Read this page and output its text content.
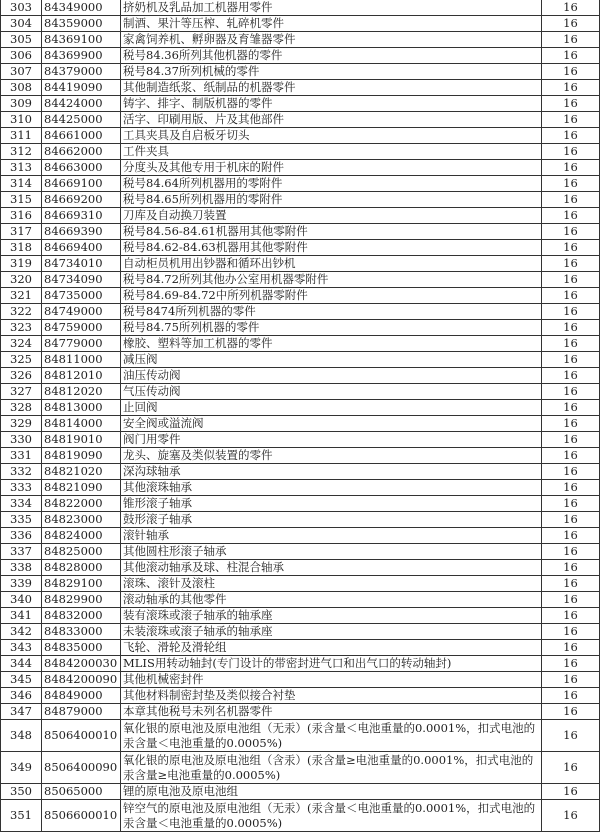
303	84349000	挤奶机及乳品加工机器用零件	16
304	84359000	制酒、果汁等压榨、轧碎机零件	16
305	84369100	家禽饲养机、孵卵器及育雏器零件	16
306	84369900	税号84.36所列其他机器的零件	16
307	84379000	税号84.37所列机械的零件	16
308	84419090	其他制造纸浆、纸制品的机器零件	16
309	84424000	铸字、排字、制版机器的零件	16
310	84425000	活字、印刷用版、片及其他部件	16
311	84661000	工具夹具及自启板牙切头	16
312	84662000	工件夹具	16
313	84663000	分度头及其他专用于机床的附件	16
314	84669100	税号84.64所列机器用的零附件	16
315	84669200	税号84.65所列机器用的零附件	16
316	84669310	刀库及自动换刀装置	16
317	84669390	税号84.56-84.61机器用其他零附件	16
318	84669400	税号84.62-84.63机器用其他零附件	16
319	84734010	自动柜员机用出钞器和循环出钞机	16
320	84734090	税号84.72所列其他办公室用机器零附件	16
321	84735000	税号84.69-84.72中所列机器零附件	16
322	84749000	税号8474所列机器的零件	16
323	84759000	税号84.75所列机器的零件	16
324	84779000	橡胶、塑料等加工机器的零件	16
325	84811000	减压阀	16
326	84812010	油压传动阀	16
327	84812020	气压传动阀	16
328	84813000	止回阀	16
329	84814000	安全阀或溢流阀	16
330	84819010	阀门用零件	16
331	84819090	龙头、旋塞及类似装置的零件	16
332	84821020	深沟球轴承	16
333	84821090	其他滚珠轴承	16
334	84822000	锥形滚子轴承	16
335	84823000	鼓形滚子轴承	16
336	84824000	滚针轴承	16
337	84825000	其他圆柱形滚子轴承	16
338	84828000	其他滚动轴承及球、柱混合轴承	16
339	84829100	滚珠、滚针及滚柱	16
340	84829900	滚动轴承的其他零件	16
341	84832000	装有滚珠或滚子轴承的轴承座	16
342	84833000	未装滚珠或滚子轴承的轴承座	16
343	84835000	飞轮、滑轮及滑轮组	16
344	8484200030	MLIS用转动轴封(专门设计的带密封进气口和出气口的转动轴封)	16
345	8484200090	其他机械密封件	16
346	84849000	其他材料制密封垫及类似接合衬垫	16
347	84879000	本章其他税号未列名机器零件	16
348	8506400010	氧化银的原电池及原电池组（无汞）(汞含量＜电池重量的0.0001%，扣式电池的汞含量＜电池重量的0.0005%)	16
349	8506400090	氧化银的原电池及原电池组（含汞）(汞含量≥电池重量的0.0001%，扣式电池的汞含量≥电池重量的0.0005%)	16
350	85065000	锂的原电池及原电池组	16
351	8506600010	锌空气的原电池及原电池组（无汞）(汞含量＜电池重量的0.0001%，扣式电池的汞含量＜电池重量的0.0005%)	16
